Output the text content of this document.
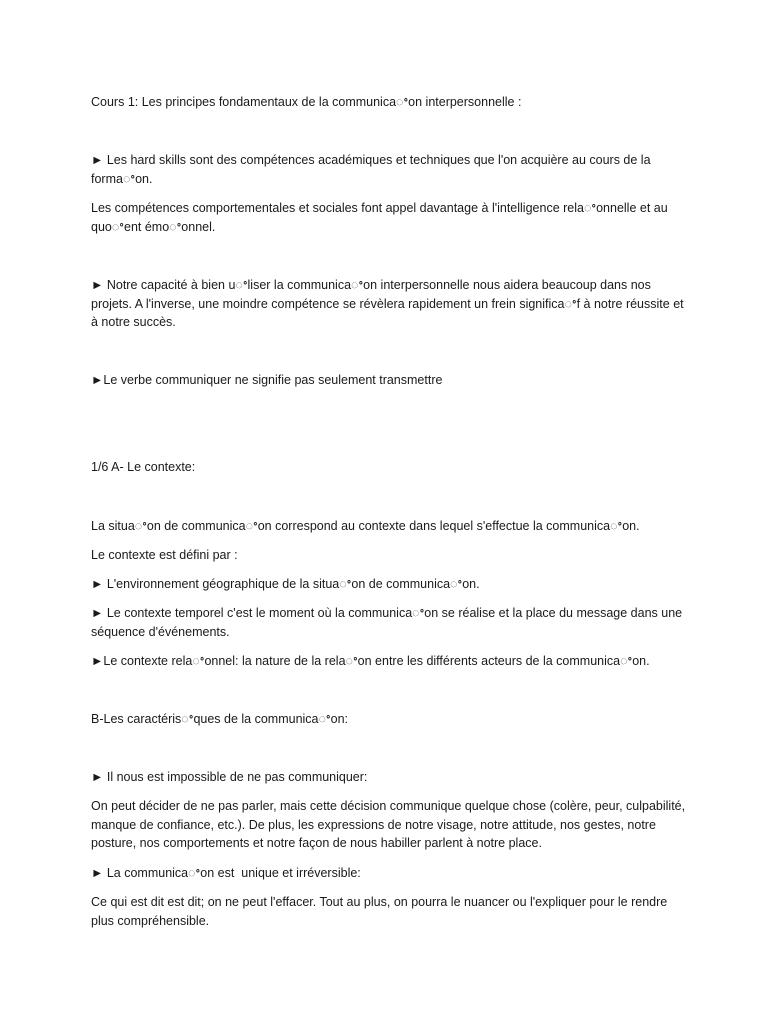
Cours 1: Les principes fondamentaux de la communicaꢀon interpersonnelle :
► Les hard skills sont des compétences académiques et techniques que l'on acquière au cours de la formaꢀon.
Les compétences comportementales et sociales font appel davantage à l'intelligence relaꢀonnelle et au quoꢀent émoꢀonnel.
► Notre capacité à bien uꢀliser la communicaꢀon interpersonnelle nous aidera beaucoup dans nos projets. A l'inverse, une moindre compétence se révèlera rapidement un frein significaꢀf à notre réussite et à notre succès.
►Le verbe communiquer ne signifie pas seulement transmettre
1/6 A- Le contexte:
La situaꢀon de communicaꢀon correspond au contexte dans lequel s'effectue la communicaꢀon.
Le contexte est défini par :
► L'environnement géographique de la situaꢀon de communicaꢀon.
► Le contexte temporel c'est le moment où la communicaꢀon se réalise et la place du message dans une séquence d'événements.
►Le contexte relaꢀonnel: la nature de la relaꢀon entre les différents acteurs de la communicaꢀon.
B-Les caractérisꢀques de la communicaꢀon:
► Il nous est impossible de ne pas communiquer:
On peut décider de ne pas parler, mais cette décision communique quelque chose (colère, peur, culpabilité, manque de confiance, etc.). De plus, les expressions de notre visage, notre attitude, nos gestes, notre posture, nos comportements et notre façon de nous habiller parlent à notre place.
► La communicaꢀon est  unique et irréversible:
Ce qui est dit est dit; on ne peut l'effacer. Tout au plus, on pourra le nuancer ou l'expliquer pour le rendre plus compréhensible.
